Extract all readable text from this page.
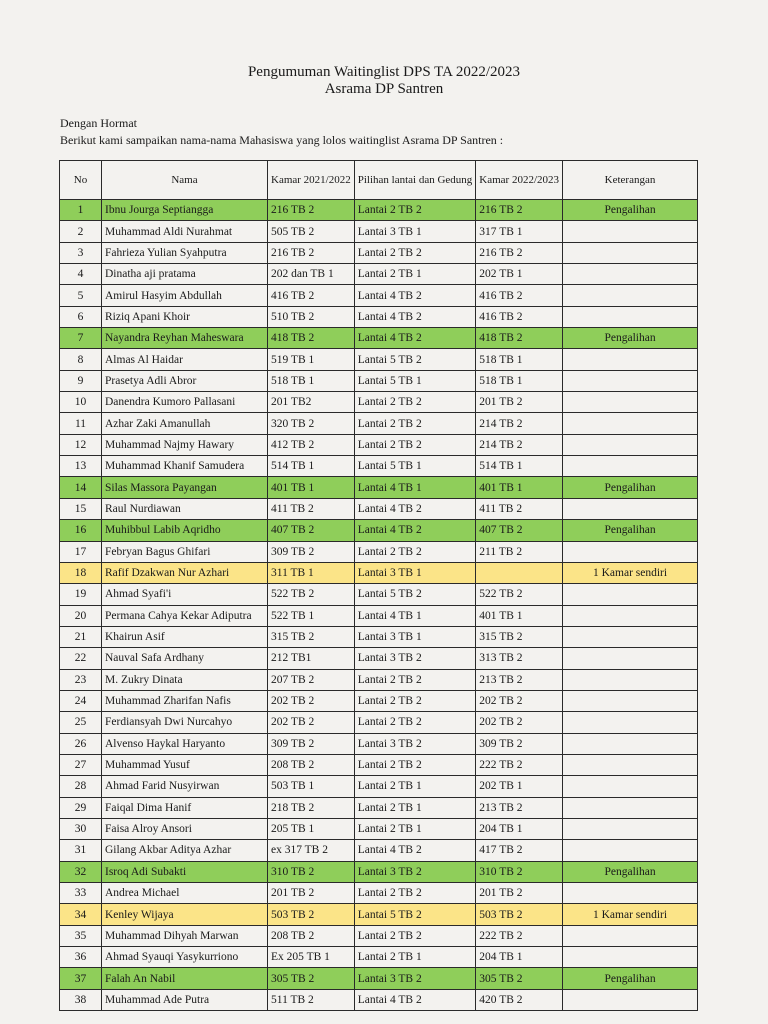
Pengumuman Waitinglist DPS TA 2022/2023
Asrama DP Santren
Dengan Hormat
Berikut kami sampaikan nama-nama Mahasiswa yang lolos waitinglist Asrama DP Santren :
No	Nama	Kamar 2021/2022	Pilihan lantai dan Gedung	Kamar 2022/2023	Keterangan
1	Ibnu Jourga Septiangga	216 TB 2	Lantai 2 TB 2	216 TB 2	Pengalihan
2	Muhammad Aldi Nurahmat	505 TB 2	Lantai 3 TB 1	317 TB 1	
3	Fahrieza Yulian Syahputra	216 TB 2	Lantai 2 TB 2	216 TB 2	
4	Dinatha aji pratama	202 dan TB 1	Lantai 2 TB 1	202 TB 1	
5	Amirul Hasyim Abdullah	416 TB 2	Lantai 4 TB 2	416 TB 2	
6	Riziq Apani Khoir	510 TB 2	Lantai 4 TB 2	416 TB 2	
7	Nayandra Reyhan Maheswara	418 TB 2	Lantai 4 TB 2	418 TB 2	Pengalihan
8	Almas Al Haidar	519 TB 1	Lantai 5 TB 2	518 TB 1	
9	Prasetya Adli Abror	518 TB 1	Lantai 5 TB 1	518 TB 1	
10	Danendra Kumoro Pallasani	201 TB2	Lantai 2 TB 2	201 TB 2	
11	Azhar Zaki Amanullah	320 TB 2	Lantai 2 TB 2	214 TB 2	
12	Muhammad Najmy Hawary	412 TB 2	Lantai 2 TB 2	214 TB 2	
13	Muhammad Khanif Samudera	514 TB 1	Lantai 5 TB 1	514 TB 1	
14	Silas Massora Payangan	401 TB 1	Lantai 4 TB 1	401 TB 1	Pengalihan
15	Raul Nurdiawan	411 TB 2	Lantai 4 TB 2	411 TB 2	
16	Muhibbul Labib Aqridho	407 TB 2	Lantai 4 TB 2	407 TB 2	Pengalihan
17	Febryan Bagus Ghifari	309 TB 2	Lantai 2 TB 2	211 TB 2	
18	Rafif Dzakwan Nur Azhari	311 TB 1	Lantai 3 TB 1		1 Kamar sendiri
19	Ahmad Syafi'i	522 TB 2	Lantai 5 TB 2	522 TB 2	
20	Permana Cahya Kekar Adiputra	522 TB 1	Lantai 4 TB 1	401 TB 1	
21	Khairun Asif	315 TB 2	Lantai 3 TB 1	315 TB 2	
22	Nauval Safa Ardhany	212 TB1	Lantai 3 TB 2	313 TB 2	
23	M. Zukry Dinata	207 TB 2	Lantai 2 TB 2	213 TB 2	
24	Muhammad Zharifan Nafis	202 TB 2	Lantai 2 TB 2	202 TB 2	
25	Ferdiansyah Dwi Nurcahyo	202 TB 2	Lantai 2 TB 2	202 TB 2	
26	Alvenso Haykal Haryanto	309 TB 2	Lantai 3 TB 2	309 TB 2	
27	Muhammad Yusuf	208 TB 2	Lantai 2 TB 2	222 TB 2	
28	Ahmad Farid Nusyirwan	503 TB 1	Lantai 2 TB 1	202 TB 1	
29	Faiqal Dima Hanif	218 TB 2	Lantai 2 TB 1	213 TB 2	
30	Faisa Alroy Ansori	205 TB 1	Lantai 2 TB 1	204 TB 1	
31	Gilang Akbar Aditya Azhar	ex 317 TB 2	Lantai 4 TB 2	417 TB 2	
32	Isroq Adi Subakti	310 TB 2	Lantai 3 TB 2	310 TB 2	Pengalihan
33	Andrea Michael	201 TB 2	Lantai 2 TB 2	201 TB 2	
34	Kenley Wijaya	503 TB 2	Lantai 5 TB 2	503 TB 2	1 Kamar sendiri
35	Muhammad Dihyah Marwan	208 TB 2	Lantai 2 TB 2	222 TB 2	
36	Ahmad Syauqi Yasykurriono	Ex 205 TB 1	Lantai 2 TB 1	204 TB 1	
37	Falah An Nabil	305 TB 2	Lantai 3 TB 2	305 TB 2	Pengalihan
38	Muhammad Ade Putra	511 TB 2	Lantai 4 TB 2	420 TB 2	
